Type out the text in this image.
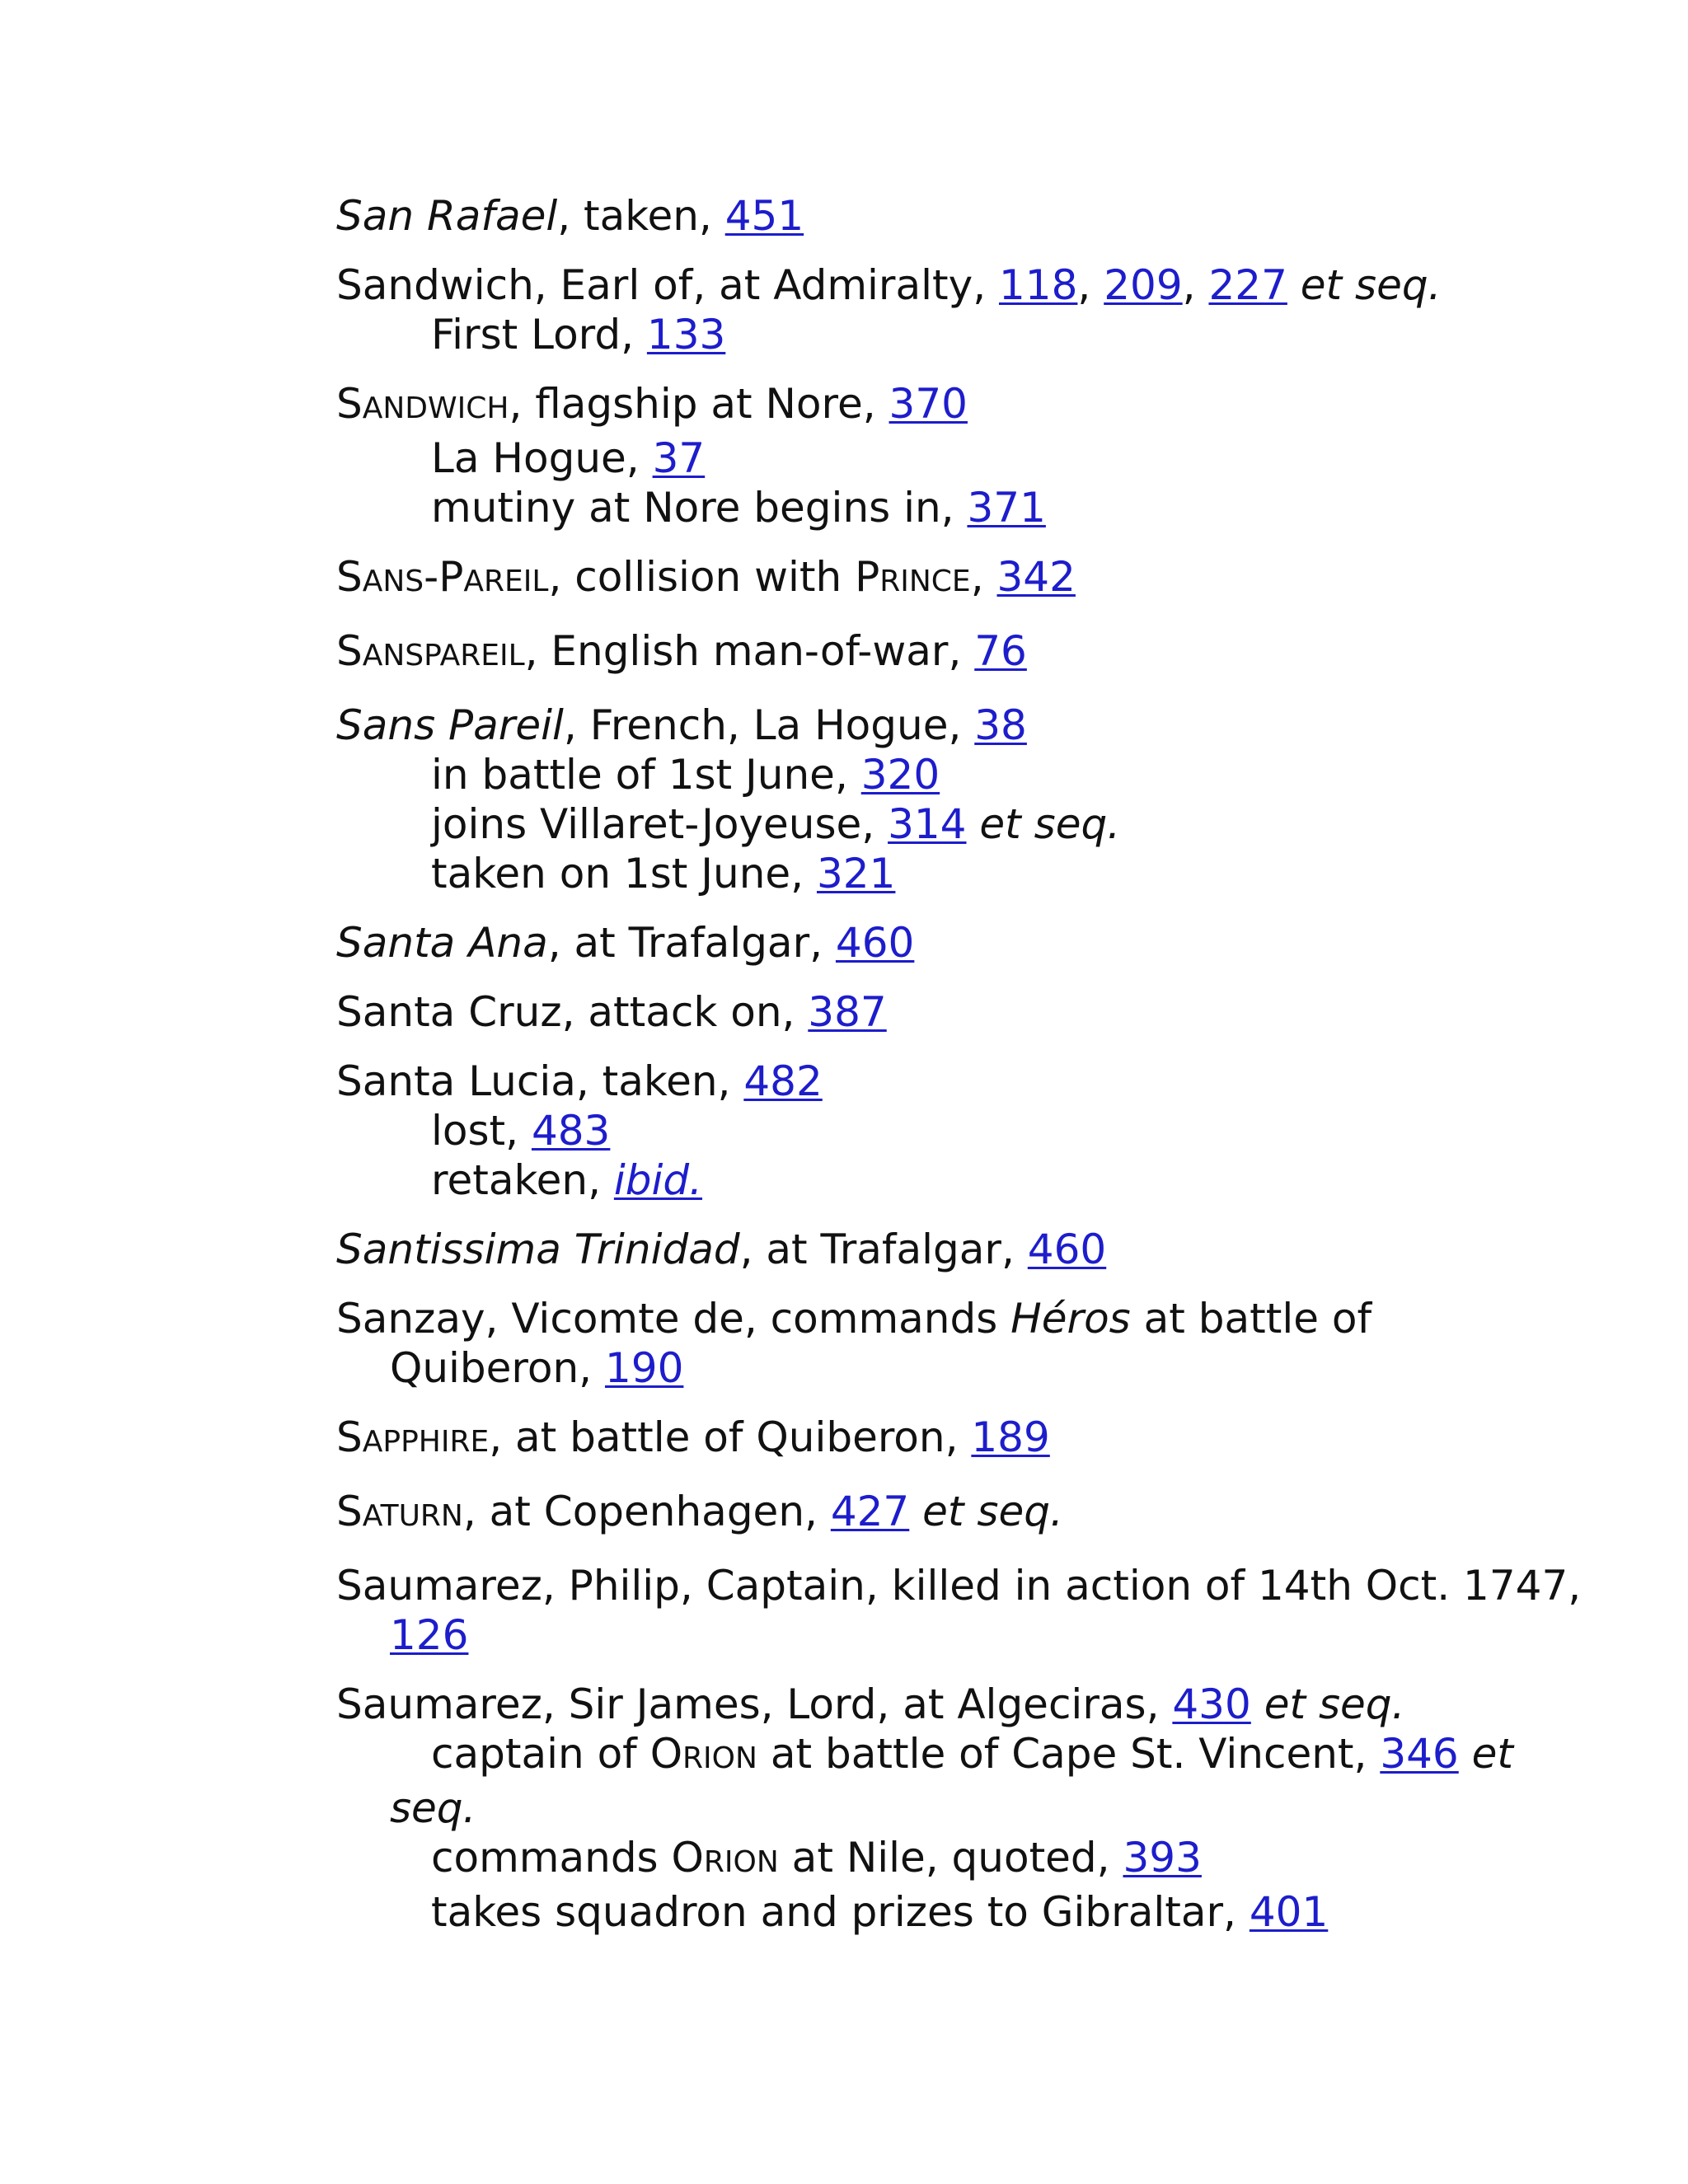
San Rafael, taken, 451
Sandwich, Earl of, at Admiralty, 118, 209, 227 et seq.
First Lord, 133
SANDWICH, flagship at Nore, 370
La Hogue, 37
mutiny at Nore begins in, 371
SANS-PAREIL, collision with PRINCE, 342
SANSPAREIL, English man-of-war, 76
Sans Pareil, French, La Hogue, 38
in battle of 1st June, 320
joins Villaret-Joyeuse, 314 et seq.
taken on 1st June, 321
Santa Ana, at Trafalgar, 460
Santa Cruz, attack on, 387
Santa Lucia, taken, 482
lost, 483
retaken, ibid.
Santissima Trinidad, at Trafalgar, 460
Sanzay, Vicomte de, commands Héros at battle of
Quiberon, 190
SAPPHIRE, at battle of Quiberon, 189
SATURN, at Copenhagen, 427 et seq.
Saumarez, Philip, Captain, killed in action of 14th Oct. 1747,
126
Saumarez, Sir James, Lord, at Algeciras, 430 et seq.
captain of ORION at battle of Cape St. Vincent, 346 et
seq.
commands ORION at Nile, quoted, 393
takes squadron and prizes to Gibraltar, 401
